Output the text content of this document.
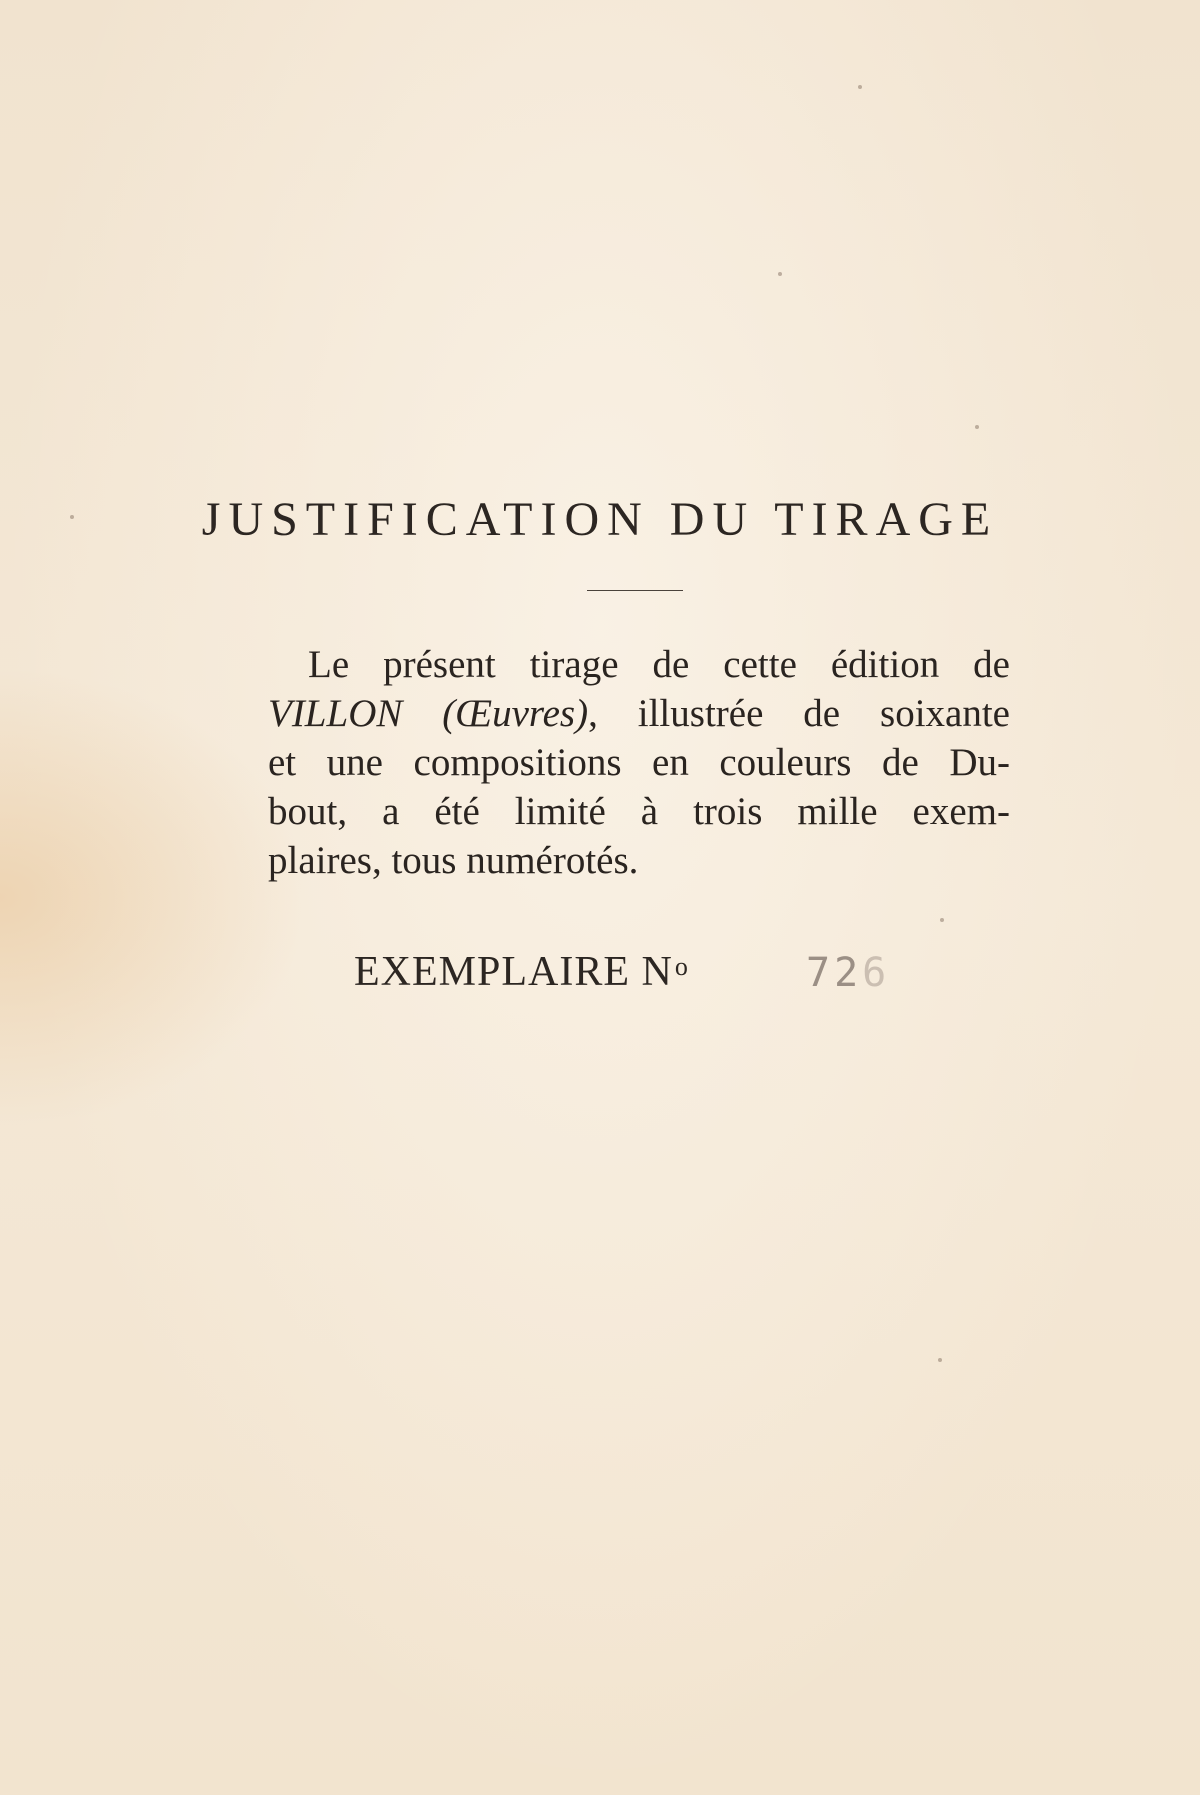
JUSTIFICATION DU TIRAGE
Le présent tirage de cette édition de
VILLON (Œuvres), illustrée de soixante
et une compositions en couleurs de Du-
bout, a été limité à trois mille exem-
plaires, tous numérotés.
EXEMPLAIRE $N^o$	726
